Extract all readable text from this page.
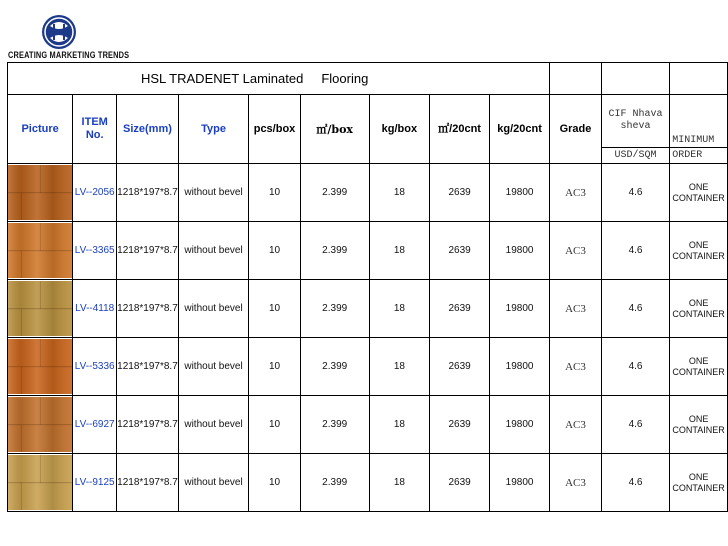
CREATING MARKETING TRENDS
HSL TRADENET Laminated Flooring											
Picture	ITEM No.	Size(mm)	Type	pcs/box	㎡/box	kg/box	㎡/20cnt	kg/20cnt	Grade	CIF Nhava sheva	MINIMUM
										USD/SQM	ORDER

	LV--2056	1218*197*8.7	without bevel	10	2.399	18	2639	19800	AC3	4.6	ONE CONTAINER

	LV--3365	1218*197*8.7	without bevel	10	2.399	18	2639	19800	AC3	4.6	ONE CONTAINER

	LV--4118	1218*197*8.7	without bevel	10	2.399	18	2639	19800	AC3	4.6	ONE CONTAINER

	LV--5336	1218*197*8.7	without bevel	10	2.399	18	2639	19800	AC3	4.6	ONE CONTAINER

	LV--6927	1218*197*8.7	without bevel	10	2.399	18	2639	19800	AC3	4.6	ONE CONTAINER

	LV--9125	1218*197*8.7	without bevel	10	2.399	18	2639	19800	AC3	4.6	ONE CONTAINER
